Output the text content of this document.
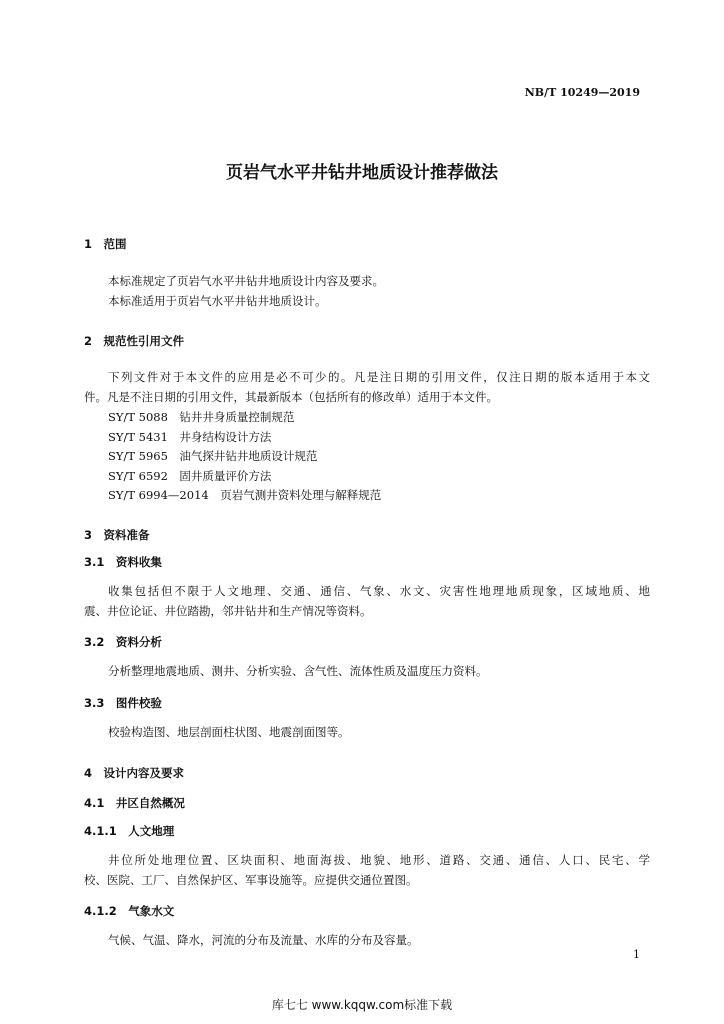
NB/T 10249—2019
页岩气水平井钻井地质设计推荐做法
1　范围
本标准规定了页岩气水平井钻井地质设计内容及要求。
本标准适用于页岩气水平井钻井地质设计。
2　规范性引用文件
下列文件对于本文件的应用是必不可少的。凡是注日期的引用文件，仅注日期的版本适用于本文
件。凡是不注日期的引用文件，其最新版本（包括所有的修改单）适用于本文件。
SY/T 5088　钻井井身质量控制规范
SY/T 5431　井身结构设计方法
SY/T 5965　油气探井钻井地质设计规范
SY/T 6592　固井质量评价方法
SY/T 6994—2014　页岩气测井资料处理与解释规范
3　资料准备
3.1　资料收集
收集包括但不限于人文地理、交通、通信、气象、水文、灾害性地理地质现象，区域地质、地
震、井位论证、井位踏勘，邻井钻井和生产情况等资料。
3.2　资料分析
分析整理地震地质、测井、分析实验、含气性、流体性质及温度压力资料。
3.3　图件校验
校验构造图、地层剖面柱状图、地震剖面图等。
4　设计内容及要求
4.1　井区自然概况
4.1.1　人文地理
井位所处地理位置、区块面积、地面海拔、地貌、地形、道路、交通、通信、人口、民宅、学
校、医院、工厂、自然保护区、军事设施等。应提供交通位置图。
4.1.2　气象水文
气候、气温、降水，河流的分布及流量、水库的分布及容量。
1
库七七 www.kqqw.com标准下载
